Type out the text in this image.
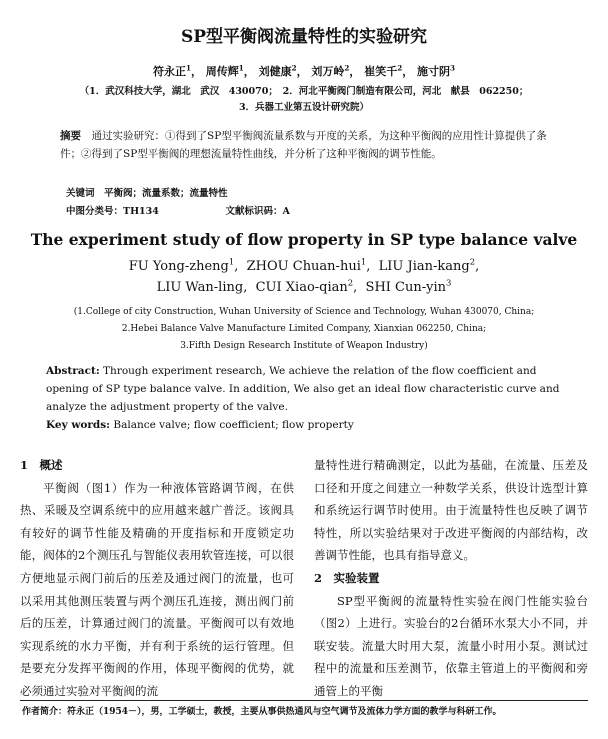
SP型平衡阀流量特性的实验研究
符永正$^1$， 周传辉$^1$， 刘健康$^2$， 刘万岭$^2$， 崔笑千$^2$， 施寸阴$^3$
（1．武汉科技大学，湖北　武汉　430070；　2．河北平衡阀门制造有限公司，河北　献县　062250；
3．兵器工业第五设计研究院）
摘要　 通过实验研究：①得到了SP型平衡阀流量系数与开度的关系，为这种平衡阀的应用性计算提供了条件；②得到了SP型平衡阀的理想流量特性曲线，并分析了这种平衡阀的调节性能。
关键词　 平衡阀；流量系数；流量特性
中图分类号：TH134	文献标识码：A
The experiment study of flow property in SP type balance valve
FU Yong-zheng$^1$,  ZHOU Chuan-hui$^1$,  LIU Jian-kang$^2$,
LIU Wan-ling,  CUI Xiao-qian$^2$,  SHI Cun-yin$^3$
(1.College of city Construction, Wuhan University of Science and Technology, Wuhan 430070, China;
2.Hebei Balance Valve Manufacture Limited Company, Xianxian 062250, China;
3.Fifth Design Research Institute of Weapon Industry)
Abstract: Through experiment research, We achieve the relation of the flow coefficient and opening of SP type balance valve. In addition, We also get an ideal flow characteristic curve and analyze the adjustment property of the valve.
Key words: Balance valve; flow coefficient; flow property

1　概述

平衡阀（图1）作为一种液体管路调节阀，在供热、采暖及空调系统中的应用越来越广普泛。该阀具有较好的调节性能及精确的开度指标和开度锁定功能，阀体的2个测压孔与智能仪表用软管连接，可以很方便地显示阀门前后的压差及通过阀门的流量，也可以采用其他测压装置与两个测压孔连接，测出阀门前后的压差，计算通过阀门的流量。平衡阀可以有效地实现系统的水力平衡，并有利于系统的运行管理。但是要充分发挥平衡阀的作用，体现平衡阀的优势，就必须通过实验对平衡阀的流

量特性进行精确测定，以此为基础，在流量、压差及口径和开度之间建立一种数学关系，供设计选型计算和系统运行调节时使用。由于流量特性也反映了调节特性，所以实验结果对于改进平衡阀的内部结构，改善调节性能，也具有指导意义。

2　实验装置

SP型平衡阀的流量特性实验在阀门性能实验台（图2）上进行。实验台的2台循环水泵大小不同，并联安装。流量大时用大泵，流量小时用小泵。测试过程中的流量和压差测节，依靠主管道上的平衡阀和旁通管上的平衡

作者简介：符永正（1954－），男，工学硕士，教授，主要从事供热通风与空气调节及流体力学方面的教学与科研工作。
